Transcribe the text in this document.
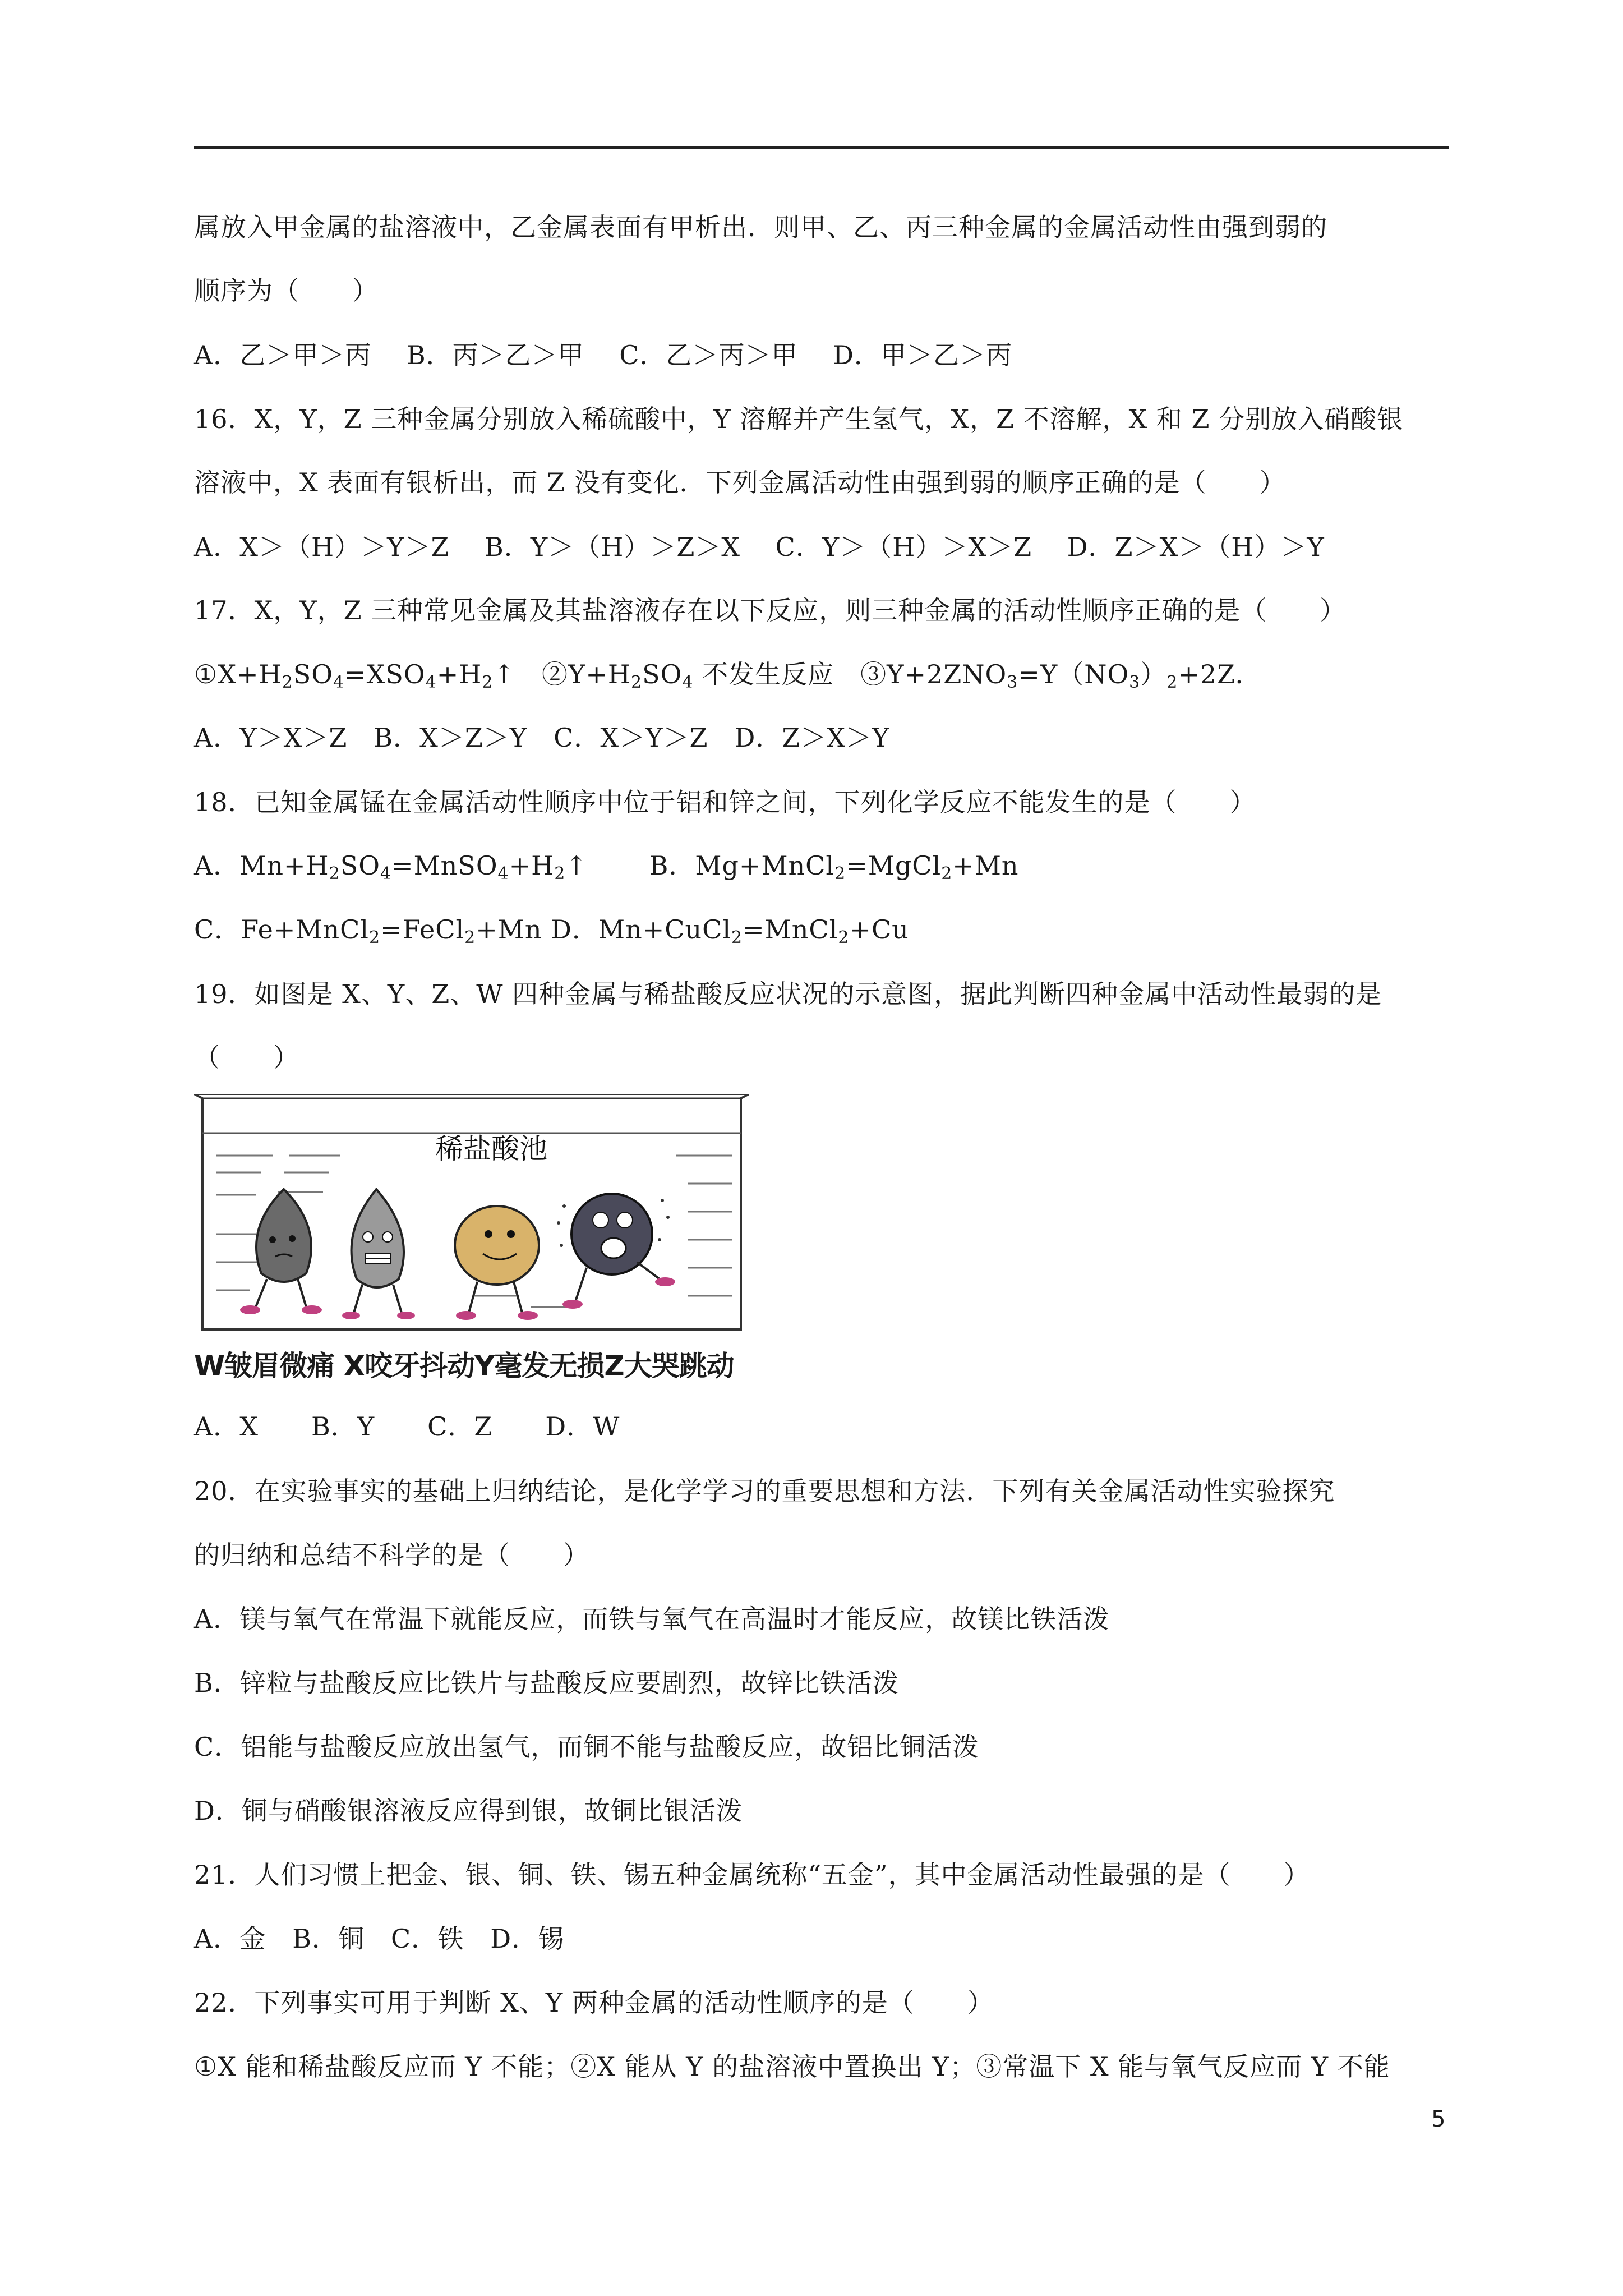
属放入甲金属的盐溶液中，乙金属表面有甲析出．则甲、乙、丙三种金属的金属活动性由强到弱的
顺序为（　　）
A．乙＞甲＞丙　 B．丙＞乙＞甲　 C．乙＞丙＞甲　 D．甲＞乙＞丙
16．X，Y，Z 三种金属分别放入稀硫酸中，Y 溶解并产生氢气，X，Z 不溶解，X 和 Z 分别放入硝酸银
溶液中，X 表面有银析出，而 Z 没有变化．下列金属活动性由强到弱的顺序正确的是（　　）
A．X＞（H）＞Y＞Z　 B．Y＞（H）＞Z＞X　 C．Y＞（H）＞X＞Z　 D．Z＞X＞（H）＞Y
17．X，Y，Z 三种常见金属及其盐溶液存在以下反应，则三种金属的活动性顺序正确的是（　　）
$①X+H_2SO_4=XSO_4+H_2↑$　$②Y+H_2SO_4$ 不发生反应　$③Y+2ZNO_3=Y(NO_3)_2+2Z$.
A．Y＞X＞Z　B．X＞Z＞Y　C．X＞Y＞Z　D．Z＞X＞Y
18．已知金属锰在金属活动性顺序中位于铝和锌之间，下列化学反应不能发生的是（　　）
A．$Mn+H_2SO_4=MnSO_4+H_2↑$　　 B．Mg+MnCl$_2$=MgCl$_2$+Mn
C．Fe+MnCl$_2$=FeCl$_2$+Mn D．Mn+CuCl$_2$=MnCl$_2$+Cu
19．如图是 X、Y、Z、W 四种金属与稀盐酸反应状况的示意图，据此判断四种金属中活动性最弱的是
（　　）
稀盐酸池
W皱眉微痛 X咬牙抖动Y毫发无损Z大哭跳动
A．X　　B．Y　　C．Z　　D．W
20．在实验事实的基础上归纳结论，是化学学习的重要思想和方法．下列有关金属活动性实验探究
的归纳和总结不科学的是（　　）
A．镁与氧气在常温下就能反应，而铁与氧气在高温时才能反应，故镁比铁活泼
B．锌粒与盐酸反应比铁片与盐酸反应要剧烈，故锌比铁活泼
C．铝能与盐酸反应放出氢气，而铜不能与盐酸反应，故铝比铜活泼
D．铜与硝酸银溶液反应得到银，故铜比银活泼
21．人们习惯上把金、银、铜、铁、锡五种金属统称“五金”，其中金属活动性最强的是（　　）
A．金　B．铜　C．铁　D．锡
22．下列事实可用于判断 X、Y 两种金属的活动性顺序的是（　　）
①X 能和稀盐酸反应而 Y 不能；②X 能从 Y 的盐溶液中置换出 Y；③常温下 X 能与氧气反应而 Y 不能
5
